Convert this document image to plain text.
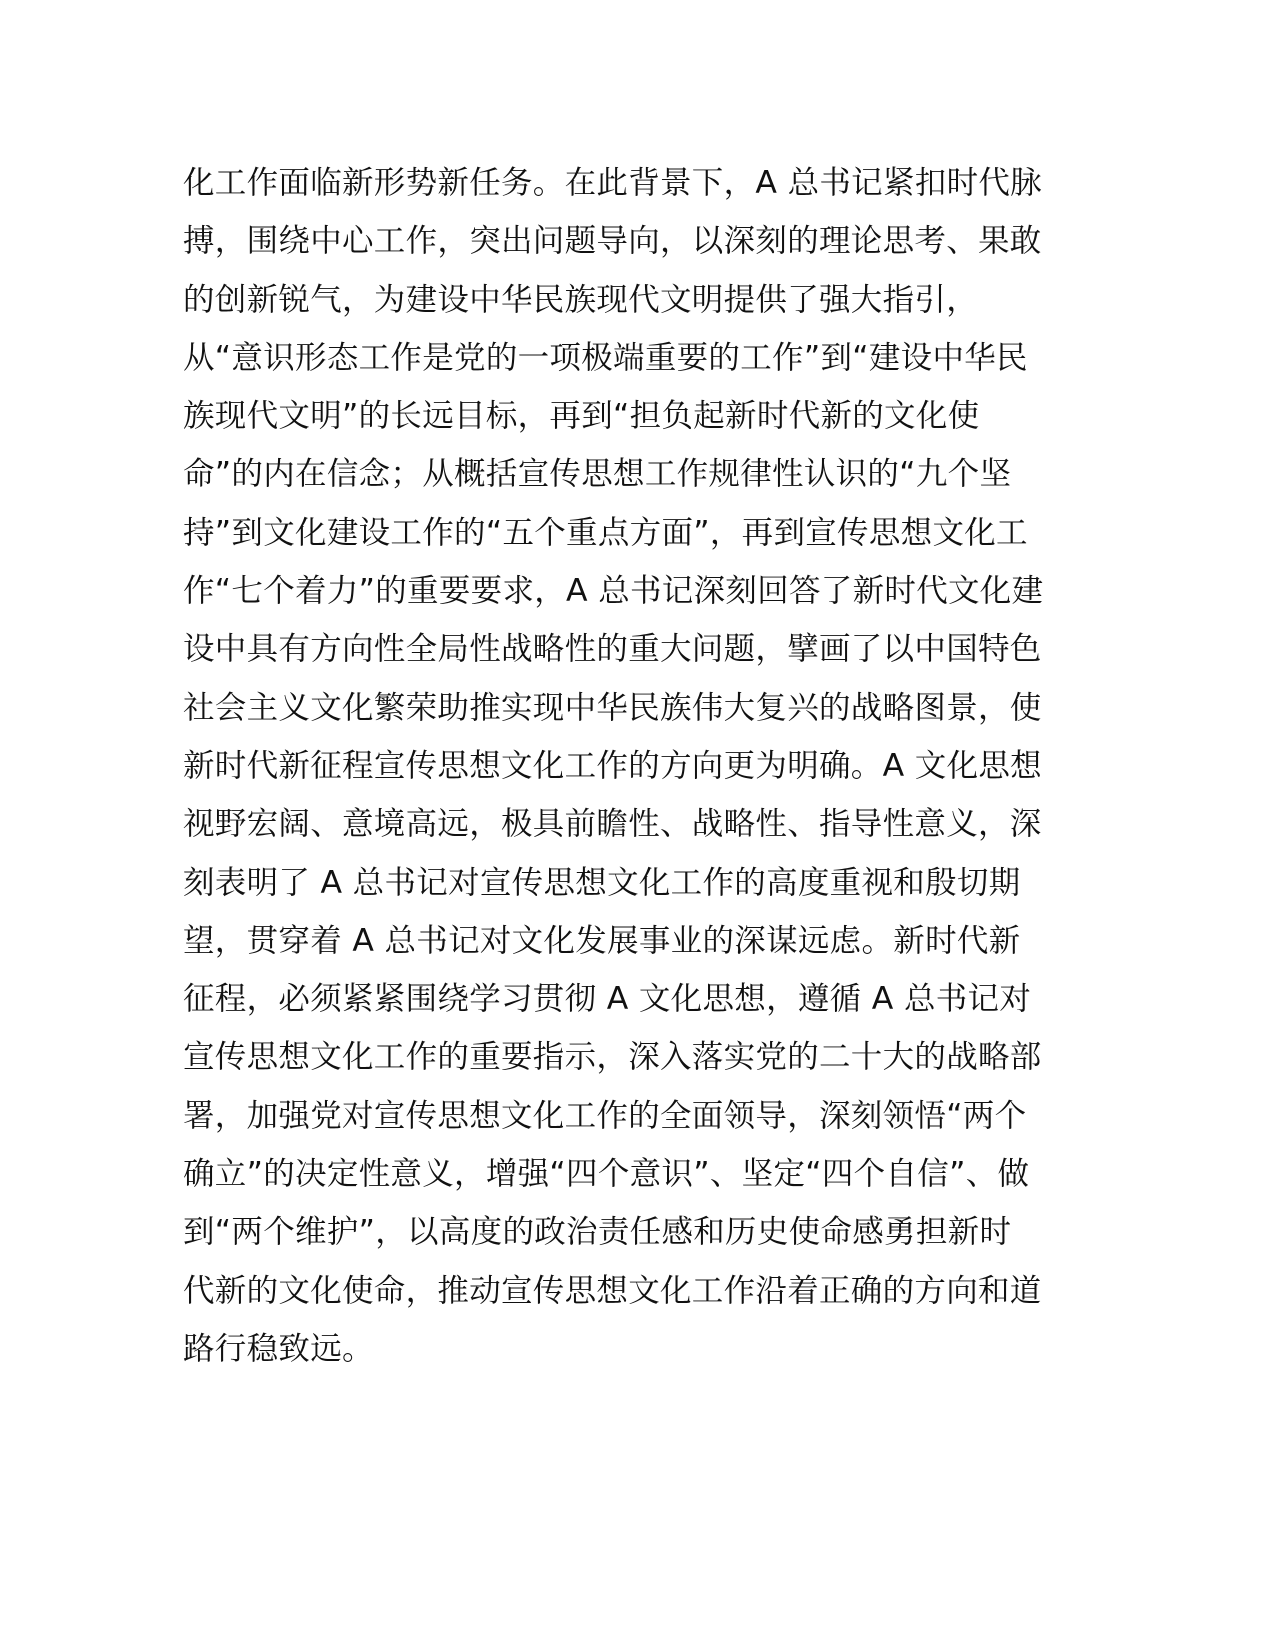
化工作面临新形势新任务。在此背景下，A 总书记紧扣时代脉
搏，围绕中心工作，突出问题导向，以深刻的理论思考、果敢
的创新锐气，为建设中华民族现代文明提供了强大指引，
从“意识形态工作是党的一项极端重要的工作”到“建设中华民
族现代文明”的长远目标，再到“担负起新时代新的文化使
命”的内在信念；从概括宣传思想工作规律性认识的“九个坚
持”到文化建设工作的“五个重点方面”，再到宣传思想文化工
作“七个着力”的重要要求，A 总书记深刻回答了新时代文化建
设中具有方向性全局性战略性的重大问题，擘画了以中国特色
社会主义文化繁荣助推实现中华民族伟大复兴的战略图景，使
新时代新征程宣传思想文化工作的方向更为明确。A 文化思想
视野宏阔、意境高远，极具前瞻性、战略性、指导性意义，深
刻表明了 A 总书记对宣传思想文化工作的高度重视和殷切期
望，贯穿着 A 总书记对文化发展事业的深谋远虑。新时代新
征程，必须紧紧围绕学习贯彻 A 文化思想，遵循 A 总书记对
宣传思想文化工作的重要指示，深入落实党的二十大的战略部
署，加强党对宣传思想文化工作的全面领导，深刻领悟“两个
确立”的决定性意义，增强“四个意识”、坚定“四个自信”、做
到“两个维护”，以高度的政治责任感和历史使命感勇担新时
代新的文化使命，推动宣传思想文化工作沿着正确的方向和道
路行稳致远。
